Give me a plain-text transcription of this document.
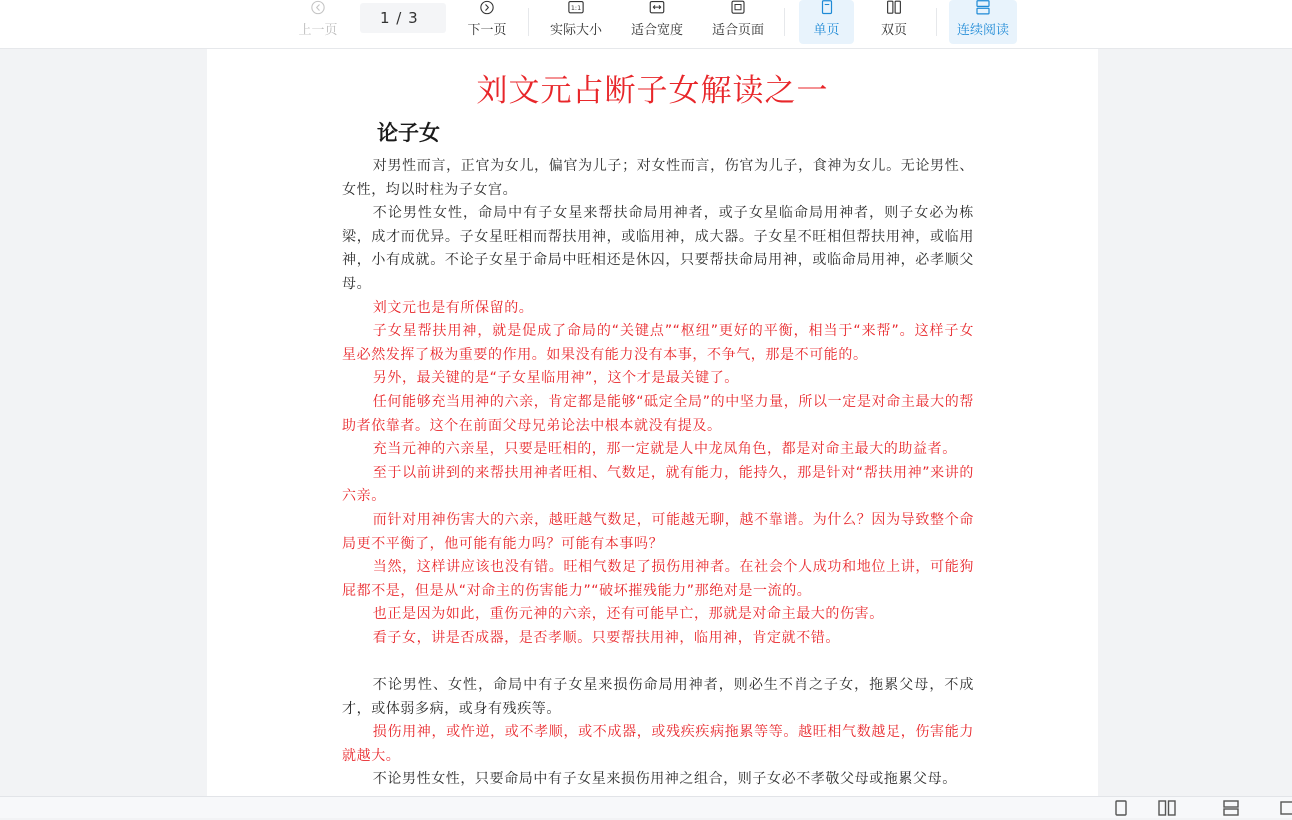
上一页
1 / 3
下一页
1:1
实际大小 适合宽度 适合页面	单页	双页	连续阅读
刘文元占断子女解读之一
论子女

对男性而言，正官为女儿，偏官为儿子；对女性而言，伤官为儿子，食神为女儿。无论男性、女性，均以时柱为子女宫。

不论男性女性，命局中有子女星来帮扶命局用神者，或子女星临命局用神者，则子女必为栋梁，成才而优异。子女星旺相而帮扶用神，或临用神，成大器。子女星不旺相但帮扶用神，或临用神，小有成就。不论子女星于命局中旺相还是休囚，只要帮扶命局用神，或临命局用神，必孝顺父母。

刘文元也是有所保留的。

子女星帮扶用神，就是促成了命局的“关键点”“枢纽”更好的平衡，相当于“来帮”。这样子女星必然发挥了极为重要的作用。如果没有能力没有本事，不争气，那是不可能的。

另外，最关键的是“子女星临用神”，这个才是最关键了。

任何能够充当用神的六亲，肯定都是能够“砥定全局”的中坚力量，所以一定是对命主最大的帮助者依靠者。这个在前面父母兄弟论法中根本就没有提及。

充当元神的六亲星，只要是旺相的，那一定就是人中龙凤角色，都是对命主最大的助益者。

至于以前讲到的来帮扶用神者旺相、气数足，就有能力，能持久，那是针对“帮扶用神”来讲的六亲。

而针对用神伤害大的六亲，越旺越气数足，可能越无聊，越不靠谱。为什么？因为导致整个命局更不平衡了，他可能有能力吗？可能有本事吗？

当然，这样讲应该也没有错。旺相气数足了损伤用神者。在社会个人成功和地位上讲，可能狗屁都不是，但是从“对命主的伤害能力”“破坏摧残能力”那绝对是一流的。

也正是因为如此，重伤元神的六亲，还有可能早亡，那就是对命主最大的伤害。

看子女，讲是否成器，是否孝顺。只要帮扶用神，临用神，肯定就不错。

不论男性、女性，命局中有子女星来损伤命局用神者，则必生不肖之子女，拖累父母，不成才，或体弱多病，或身有残疾等。

损伤用神，或忤逆，或不孝顺，或不成器，或残疾疾病拖累等等。越旺相气数越足，伤害能力就越大。

不论男性女性，只要命局中有子女星来损伤用神之组合，则子女必不孝敬父母或拖累父母。
